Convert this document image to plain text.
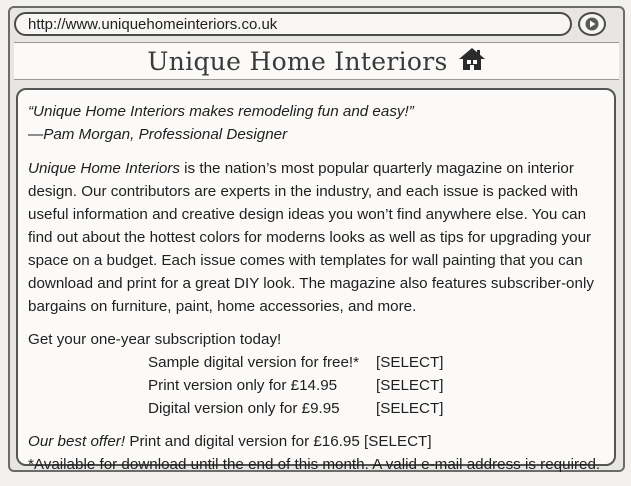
http://www.uniquehomeinteriors.co.uk
Unique Home Interiors

“Unique Home Interiors makes remodeling fun and easy!”

—Pam Morgan, Professional Designer

Unique Home Interiors is the nation’s most popular quarterly magazine on interior design. Our contributors are experts in the industry, and each issue is packed with useful information and creative design ideas you won’t find anywhere else. You can find out about the hottest colors for moderns looks as well as tips for upgrading your space on a budget. Each issue comes with templates for wall painting that you can download and print for a great DIY look. The magazine also features subscriber-only bargains on furniture, paint, home accessories, and more.

Get your one-year subscription today!

Sample digital version for free!*	[SELECT]
Print version only for £14.95	[SELECT]
Digital version only for £9.95	[SELECT]
Our best offer! Print and digital version for £16.95 [SELECT]

*Available for download until the end of this month. A valid e-mail address is required.
